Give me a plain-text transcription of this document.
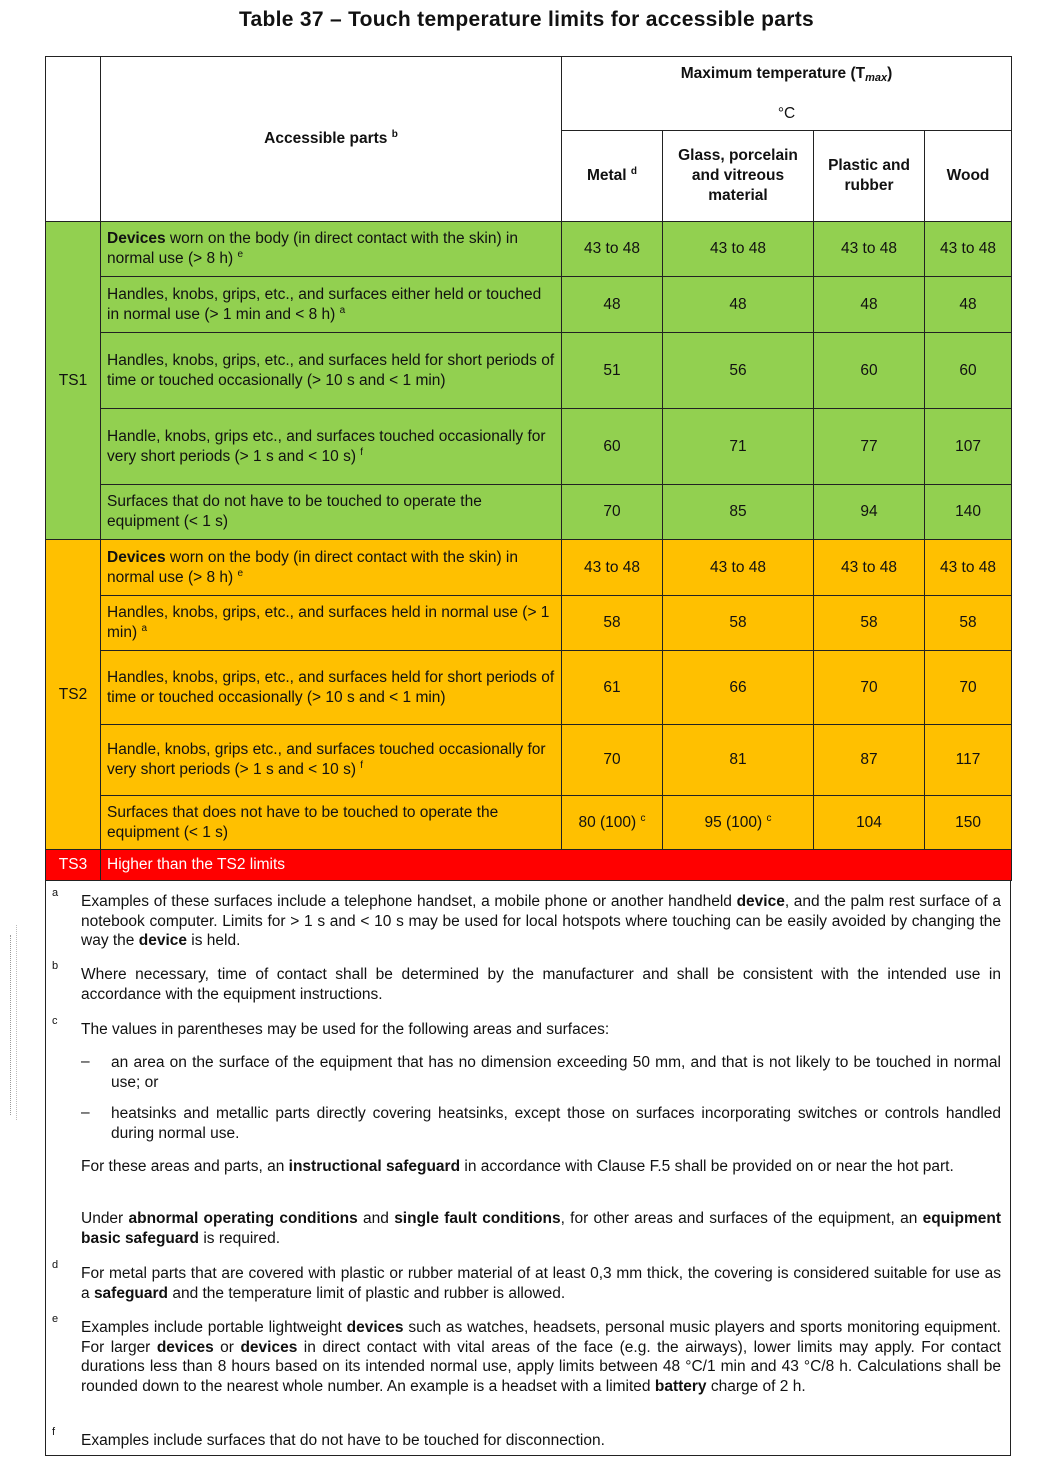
Table 37 – Touch temperature limits for accessible parts
	Accessible parts $^b$	Maximum temperature (Tmax)
°C			
		Metal $^d$	Glass, porcelain and vitreous material	Plastic and rubber	Wood
TS1	Devices worn on the body (in direct contact with the skin) in normal use (> 8 h) $^e$	43 to 48	43 to 48	43 to 48	43 to 48
	Handles, knobs, grips, etc., and surfaces either held or touched in normal use (> 1 min and < 8 h) $^a$	48	48	48	48
	Handles, knobs, grips, etc., and surfaces held for short periods of time or touched occasionally (> 10 s and < 1 min)	51	56	60	60
	Handle, knobs, grips etc., and surfaces touched occasionally for very short periods (> 1 s and < 10 s) $^f$	60	71	77	107
	Surfaces that do not have to be touched to operate the equipment (< 1 s)	70	85	94	140
TS2	Devices worn on the body (in direct contact with the skin) in normal use (> 8 h) $^e$	43 to 48	43 to 48	43 to 48	43 to 48
	Handles, knobs, grips, etc., and surfaces held in normal use (> 1 min) $^a$	58	58	58	58
	Handles, knobs, grips, etc., and surfaces held for short periods of time or touched occasionally (> 10 s and < 1 min)	61	66	70	70
	Handle, knobs, grips etc., and surfaces touched occasionally for very short periods (> 1 s and < 10 s) $^f$	70	81	87	117
	Surfaces that does not have to be touched to operate the equipment (< 1 s)	80 (100) $^c$	95 (100) $^c$	104	150
TS3	Higher than the TS2 limits				
a Examples of these surfaces include a telephone handset, a mobile phone or another handheld device, and the palm rest surface of a notebook computer. Limits for > 1 s and < 10 s may be used for local hotspots where touching can be easily avoided by changing the way the device is held.
b Where necessary, time of contact shall be determined by the manufacturer and shall be consistent with the intended use in accordance with the equipment instructions.
c The values in parentheses may be used for the following areas and surfaces:
– an area on the surface of the equipment that has no dimension exceeding 50 mm, and that is not likely to be touched in normal use; or
– heatsinks and metallic parts directly covering heatsinks, except those on surfaces incorporating switches or controls handled during normal use.
For these areas and parts, an instructional safeguard in accordance with Clause F.5 shall be provided on or near the hot part.
Under abnormal operating conditions and single fault conditions, for other areas and surfaces of the equipment, an equipment basic safeguard is required.
d For metal parts that are covered with plastic or rubber material of at least 0,3 mm thick, the covering is considered suitable for use as a safeguard and the temperature limit of plastic and rubber is allowed.
e Examples include portable lightweight devices such as watches, headsets, personal music players and sports monitoring equipment. For larger devices or devices in direct contact with vital areas of the face (e.g. the airways), lower limits may apply. For contact durations less than 8 hours based on its intended normal use, apply limits between 48 °C/1 min and 43 °C/8 h. Calculations shall be rounded down to the nearest whole number. An example is a headset with a limited battery charge of 2 h.
f Examples include surfaces that do not have to be touched for disconnection.
